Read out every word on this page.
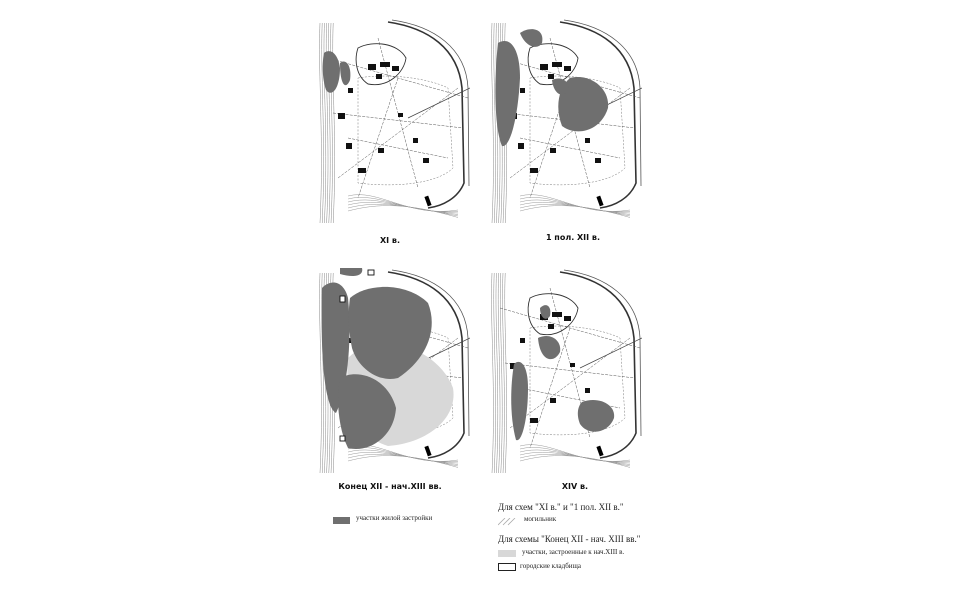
XI в.	1 пол. XII в.
Конец XII - нач.XIII вв.	XIV в.
участки жилой застройки
Для схем "XI в." и "1 пол. XII в."
могильник
Для схемы "Конец XII - нач. XIII вв."
участки, застроенные к нач.XIII в.
городские кладбища
